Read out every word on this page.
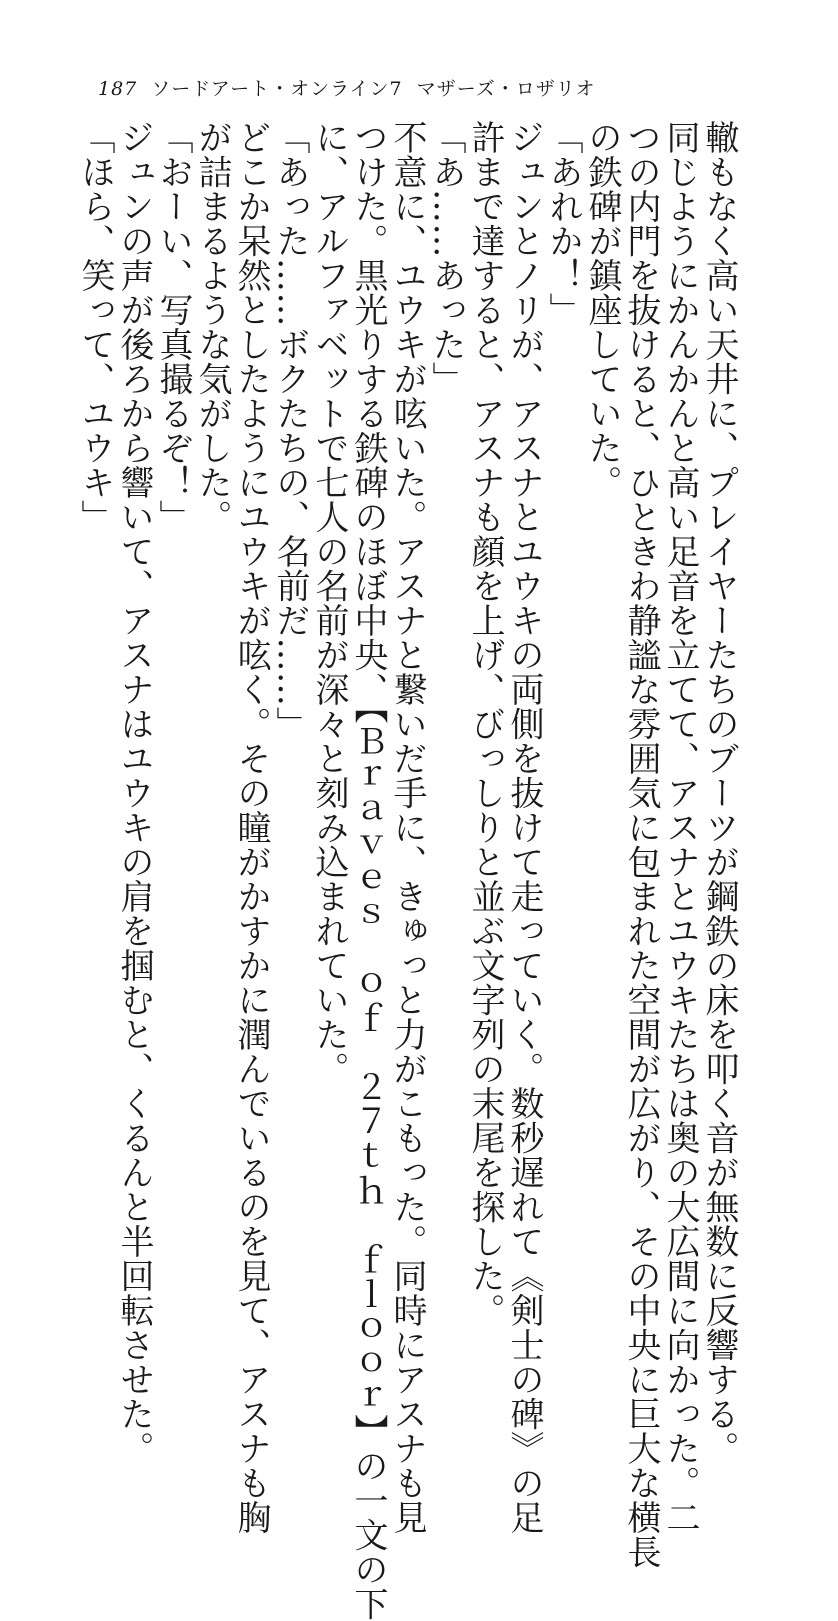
187 ソードアート・オンライン7 マザーズ・ロザリオ
轍もなく高い天井に、プレイヤーたちのブーツが鋼鉄の床を叩く音が無数に反響する。
同じようにかんかんと高い足音を立てて、アスナとユウキたちは奥の大広間に向かった。二
つの内門を抜けると、ひときわ静謐な雰囲気に包まれた空間が広がり、その中央に巨大な横長
の鉄碑が鎮座していた。
「あれか！」
ジュンとノリが、アスナとユウキの両側を抜けて走っていく。数秒遅れて《剣士の碑》の足
許まで達すると、アスナも顔を上げ、びっしりと並ぶ文字列の末尾を探した。
「あ……あった」
不意に、ユウキが呟いた。アスナと繋いだ手に、きゅっと力がこもった。同時にアスナも見
つけた。黒光りする鉄碑のほぼ中央、【Ｂｒａｖｅｓ　ｏｆ　２７ｔｈ　ｆｌｏｏｒ】の一文の下
に、アルファベットで七人の名前が深々と刻み込まれていた。
「あった……ボクたちの、名前だ……」
どこか呆然としたようにユウキが呟く。その瞳がかすかに潤んでいるのを見て、アスナも胸
が詰まるような気がした。
「おーい、写真撮るぞ！」
ジュンの声が後ろから響いて、アスナはユウキの肩を掴むと、くるんと半回転させた。
「ほら、笑って、ユウキ」
